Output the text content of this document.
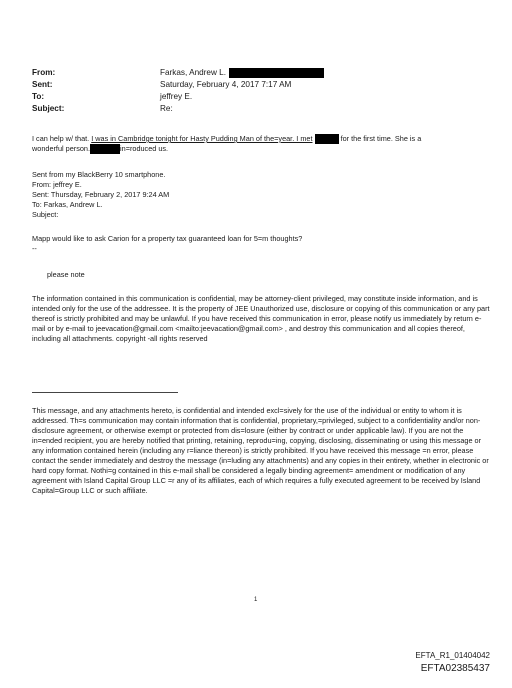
From:	Farkas, Andrew L.
Sent:	Saturday, February 4, 2017 7:17 AM
To:	jeffrey E.
Subject:	Re:

I can help w/ that. I was in Cambridge tonight for Hasty Pudding Man of the=year. I met	for the first time. She is a
wonderful person.	in=roduced us.

Sent from my BlackBerry 10 smartphone.

From: jeffrey E.

Sent: Thursday, February 2, 2017 9:24 AM

To: Farkas, Andrew L.

Subject:

Mapp would like to ask Carion for a property tax guaranteed loan for 5=m thoughts?

--

please note

The information contained in this communication is confidential, may be attorney-client privileged, may constitute inside information, and is intended only for the use of the addressee. It is the property of JEE Unauthorized use, disclosure or copying of this communication or any part thereof is strictly prohibited and may be unlawful. If you have received this communication in error, please notify us immediately by return e-mail or by e-mail to jeevacation@gmail.com <mailto:jeevacation@gmail.com> , and destroy this communication and all copies thereof, including all attachments. copyright -all rights reserved

This message, and any attachments hereto, is confidential and intended excl=sively for the use of the individual or entity to whom it is addressed. Th=s communication may contain information that is confidential, proprietary,=privileged, subject to a confidentiality and/or non-disclosure agreement, or otherwise exempt or protected from dis=losure (either by contract or under applicable law). If you are not the in=ended recipient, you are hereby notified that printing, retaining, reprodu=ing, copying, disclosing, disseminating or using this message or any information contained herein (including any r=liance thereon) is strictly prohibited. If you have received this message =n error, please contact the sender immediately and destroy the message (in=luding any attachments) and any copies in their entirety, whether in electronic or hard copy format. Nothi=g contained in this e-mail shall be considered a legally binding agreement= amendment or modification of any agreement with Island Capital Group LLC =r any of its affiliates, each of which requires a fully executed agreement to be received by Island Capital=Group LLC or such affiliate.

1
EFTA_R1_01404042
EFTA02385437
